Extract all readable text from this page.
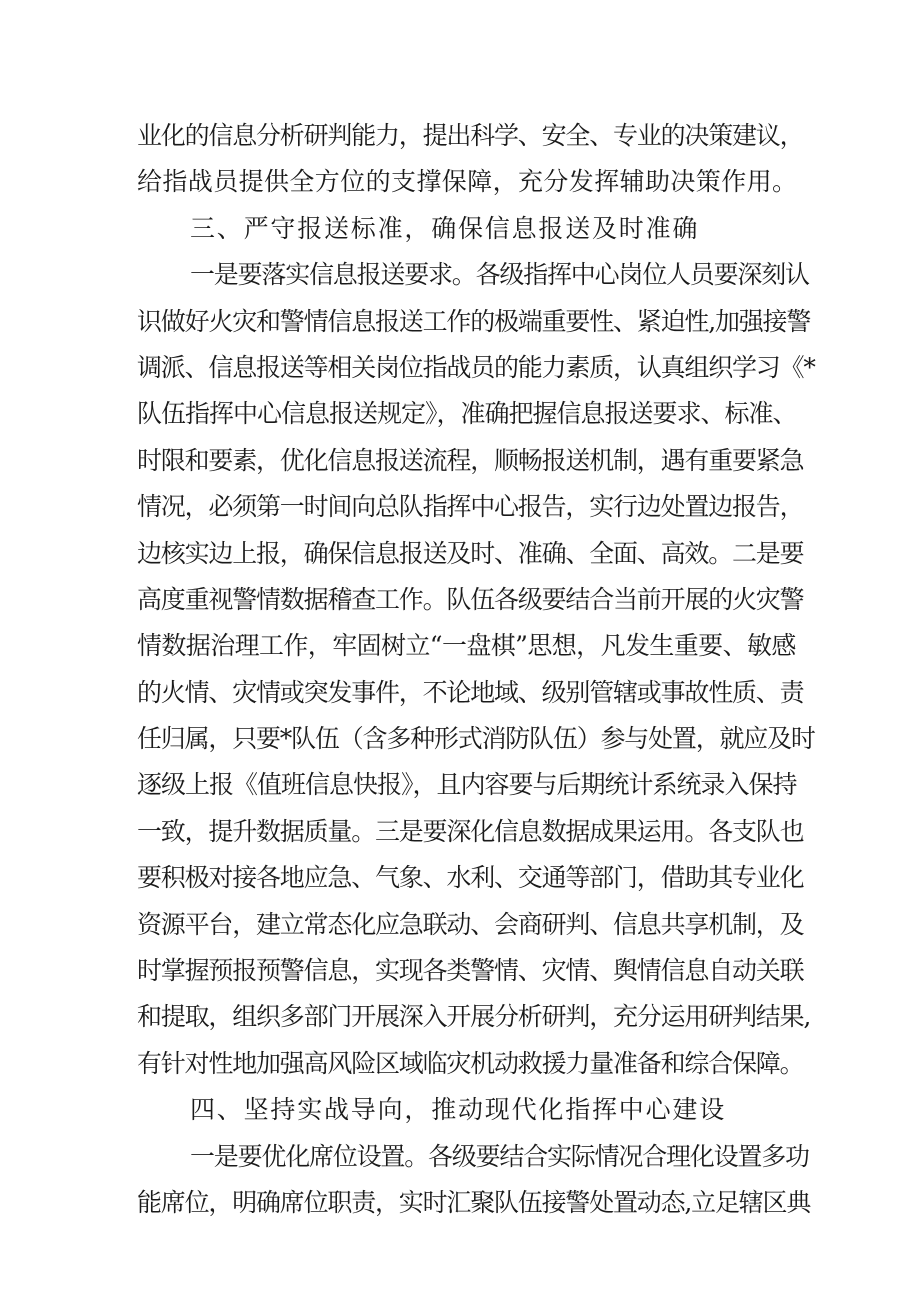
业化的信息分析研判能力，提出科学、安全、专业的决策建议，
给指战员提供全方位的支撑保障，充分发挥辅助决策作用。
三、严守报送标准，确保信息报送及时准确
一是要落实信息报送要求。各级指挥中心岗位人员要深刻认
识做好火灾和警情信息报送工作的极端重要性、紧迫性,加强接警
调派、信息报送等相关岗位指战员的能力素质，认真组织学习《*
队伍指挥中心信息报送规定》，准确把握信息报送要求、标准、
时限和要素，优化信息报送流程，顺畅报送机制，遇有重要紧急
情况，必须第一时间向总队指挥中心报告，实行边处置边报告，
边核实边上报，确保信息报送及时、准确、全面、高效。二是要
高度重视警情数据稽查工作。队伍各级要结合当前开展的火灾警
情数据治理工作，牢固树立“一盘棋”思想，凡发生重要、敏感
的火情、灾情或突发事件，不论地域、级别管辖或事故性质、责
任归属，只要*队伍（含多种形式消防队伍）参与处置，就应及时
逐级上报《值班信息快报》，且内容要与后期统计系统录入保持
一致，提升数据质量。三是要深化信息数据成果运用。各支队也
要积极对接各地应急、气象、水利、交通等部门，借助其专业化
资源平台，建立常态化应急联动、会商研判、信息共享机制，及
时掌握预报预警信息，实现各类警情、灾情、舆情信息自动关联
和提取，组织多部门开展深入开展分析研判，充分运用研判结果,
有针对性地加强高风险区域临灾机动救援力量准备和综合保障。
四、坚持实战导向，推动现代化指挥中心建设
一是要优化席位设置。各级要结合实际情况合理化设置多功
能席位，明确席位职责，实时汇聚队伍接警处置动态,立足辖区典
